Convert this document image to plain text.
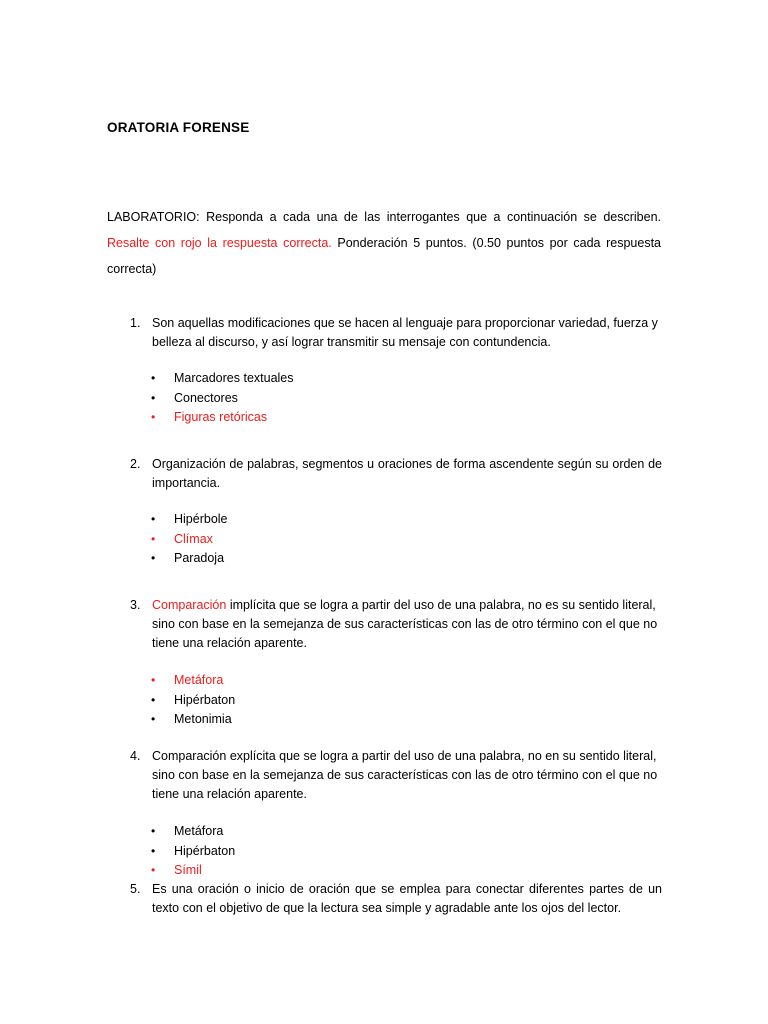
ORATORIA FORENSE
LABORATORIO: Responda a cada una de las interrogantes que a continuación se describen. Resalte con rojo la respuesta correcta. Ponderación 5 puntos. (0.50 puntos por cada respuesta correcta)
1. Son aquellas modificaciones que se hacen al lenguaje para proporcionar variedad, fuerza y belleza al discurso, y así lograr transmitir su mensaje con contundencia.
• Marcadores textuales
• Conectores
• Figuras retóricas
2. Organización de palabras, segmentos u oraciones de forma ascendente según su orden de importancia.
• Hipérbole
• Clímax
• Paradoja
3. Comparación implícita que se logra a partir del uso de una palabra, no es su sentido literal, sino con base en la semejanza de sus características con las de otro término con el que no tiene una relación aparente.
• Metáfora
• Hipérbaton
• Metonimia
4. Comparación explícita que se logra a partir del uso de una palabra, no en su sentido literal, sino con base en la semejanza de sus características con las de otro término con el que no tiene una relación aparente.
• Metáfora
• Hipérbaton
• Símil
5. Es una oración o inicio de oración que se emplea para conectar diferentes partes de un texto con el objetivo de que la lectura sea simple y agradable ante los ojos del lector.
